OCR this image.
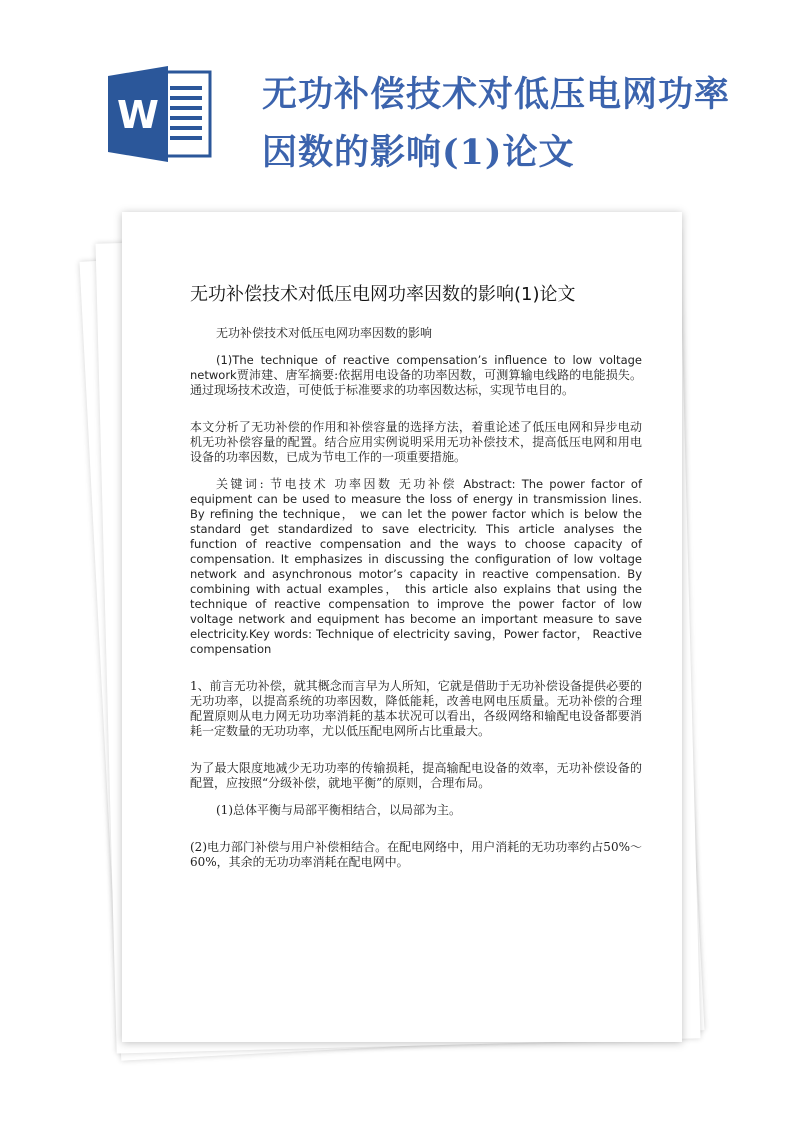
W	无功补偿技术对低压电网功率
因数的影响(1)论文
无功补偿技术对低压电网功率因数的影响(1)论文

无功补偿技术对低压电网功率因数的影响

(1)The technique of reactive compensation’s influence to low voltage network贾沛建、唐军摘要:依据用电设备的功率因数，可测算输电线路的电能损失。通过现场技术改造，可使低于标准要求的功率因数达标，实现节电目的。

本文分析了无功补偿的作用和补偿容量的选择方法，着重论述了低压电网和异步电动机无功补偿容量的配置。结合应用实例说明采用无功补偿技术，提高低压电网和用电设备的功率因数，已成为节电工作的一项重要措施。

关键词: 节电技术 功率因数 无功补偿 Abstract: The power factor of equipment can be used to measure the loss of energy in transmission lines. By refining the technique， we can let the power factor which is below the standard get standardized to save electricity. This article analyses the function of reactive compensation and the ways to choose capacity of compensation. It emphasizes in discussing the configuration of low voltage network and asynchronous motor’s capacity in reactive compensation. By combining with actual examples， this article also explains that using the technique of reactive compensation to improve the power factor of low voltage network and equipment has become an important measure to save electricity.Key words: Technique of electricity saving，Power factor， Reactive compensation

1、前言无功补偿，就其概念而言早为人所知，它就是借助于无功补偿设备提供必要的无功功率，以提高系统的功率因数，降低能耗，改善电网电压质量。无功补偿的合理配置原则从电力网无功功率消耗的基本状况可以看出，各级网络和输配电设备都要消耗一定数量的无功功率，尤以低压配电网所占比重最大。

为了最大限度地减少无功功率的传输损耗，提高输配电设备的效率，无功补偿设备的配置，应按照“分级补偿，就地平衡”的原则，合理布局。

(1)总体平衡与局部平衡相结合，以局部为主。

(2)电力部门补偿与用户补偿相结合。在配电网络中，用户消耗的无功功率约占50%～60%，其余的无功功率消耗在配电网中。
